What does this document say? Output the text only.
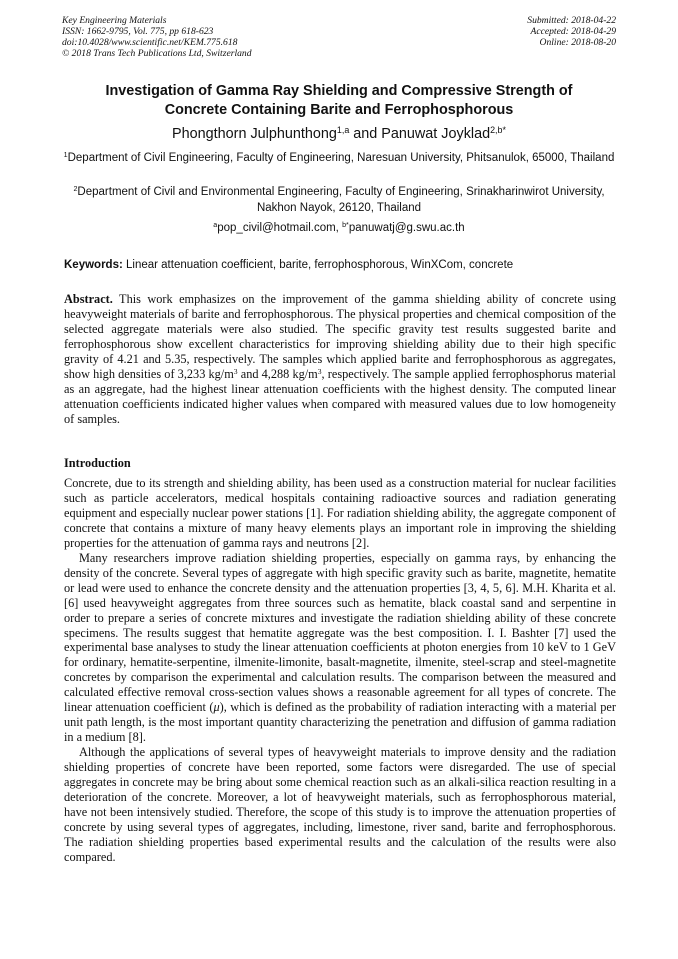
Key Engineering Materials
ISSN: 1662-9795, Vol. 775, pp 618-623
doi:10.4028/www.scientific.net/KEM.775.618
© 2018 Trans Tech Publications Ltd, Switzerland
Submitted: 2018-04-22
Accepted: 2018-04-29
Online: 2018-08-20
Investigation of Gamma Ray Shielding and Compressive Strength of
Concrete Containing Barite and Ferrophosphorous
Phongthorn Julphunthong$^{1,a}$ and Panuwat Joyklad$^{2,b*}$
$^1$Department of Civil Engineering, Faculty of Engineering, Naresuan University, Phitsanulok, 65000, Thailand
$^2$Department of Civil and Environmental Engineering, Faculty of Engineering, Srinakharinwirot University, Nakhon Nayok, 26120, Thailand
$^a$pop_civil@hotmail.com, $^{b*}$panuwatj@g.swu.ac.th
Keywords: Linear attenuation coefficient, barite, ferrophosphorous, WinXCom, concrete

Abstract. This work emphasizes on the improvement of the gamma shielding ability of concrete using heavyweight materials of barite and ferrophosphorous. The physical properties and chemical composition of the selected aggregate materials were also studied. The specific gravity test results suggested barite and ferrophosphorous show excellent characteristics for improving shielding ability due to their high specific gravity of 4.21 and 5.35, respectively. The samples which applied barite and ferrophosphorous as aggregates, show high densities of 3,233 $kg/m^3$ and 4,288 $kg/m^3$, respectively. The sample applied ferrophosphorus material as an aggregate, had the highest linear attenuation coefficients with the highest density. The computed linear attenuation coefficients indicated higher values when compared with measured values due to low homogeneity of samples.

Introduction

Concrete, due to its strength and shielding ability, has been used as a construction material for nuclear facilities such as particle accelerators, medical hospitals containing radioactive sources and radiation generating equipment and especially nuclear power stations [1]. For radiation shielding ability, the aggregate component of concrete that contains a mixture of many heavy elements plays an important role in improving the shielding properties for the attenuation of gamma rays and neutrons [2].

Many researchers improve radiation shielding properties, especially on gamma rays, by enhancing the density of the concrete. Several types of aggregate with high specific gravity such as barite, magnetite, hematite or lead were used to enhance the concrete density and the attenuation properties [3, 4, 5, 6]. M.H. Kharita et al. [6] used heavyweight aggregates from three sources such as hematite, black coastal sand and serpentine in order to prepare a series of concrete mixtures and investigate the radiation shielding ability of these concrete specimens. The results suggest that hematite aggregate was the best composition. I. I. Bashter [7] used the experimental base analyses to study the linear attenuation coefficients at photon energies from 10 keV to 1 GeV for ordinary, hematite-serpentine, ilmenite-limonite, basalt-magnetite, ilmenite, steel-scrap and steel-magnetite concretes by comparison the experimental and calculation results. The comparison between the measured and calculated effective removal cross-section values shows a reasonable agreement for all types of concrete. The linear attenuation coefficient (μ), which is defined as the probability of radiation interacting with a material per unit path length, is the most important quantity characterizing the penetration and diffusion of gamma radiation in a medium [8].

Although the applications of several types of heavyweight materials to improve density and the radiation shielding properties of concrete have been reported, some factors were disregarded. The use of special aggregates in concrete may be bring about some chemical reaction such as an alkali-silica reaction resulting in a deterioration of the concrete. Moreover, a lot of heavyweight materials, such as ferrophosphorous material, have not been intensively studied. Therefore, the scope of this study is to improve the attenuation properties of concrete by using several types of aggregates, including, limestone, river sand, barite and ferrophosphorous. The radiation shielding properties based experimental results and the calculation of the results were also compared.
